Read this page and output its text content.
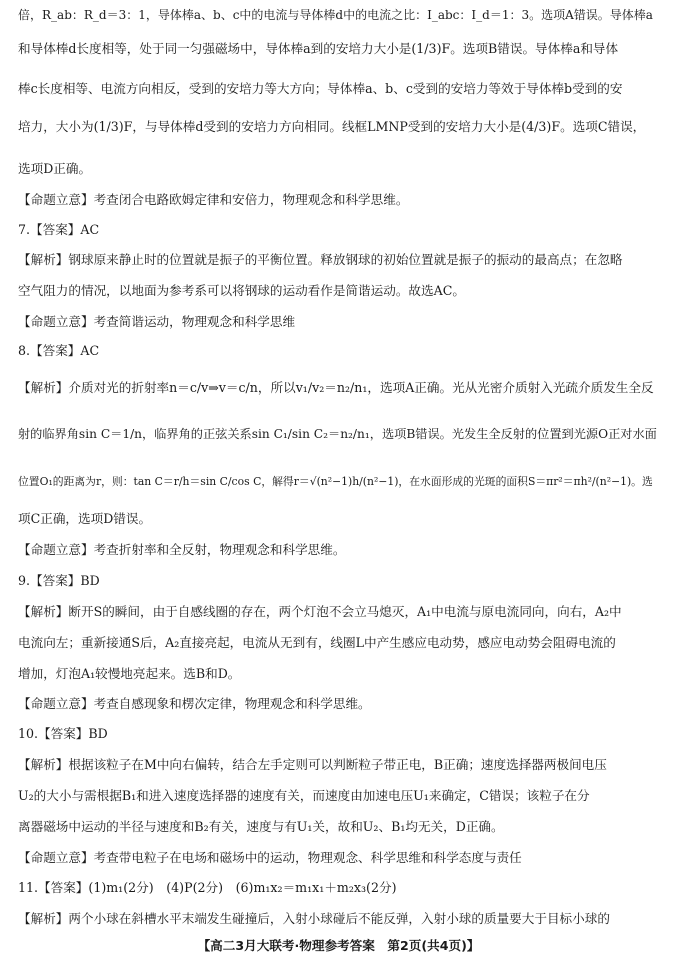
倍，R_ab：R_d＝3：1，导体棒a、b、c中的电流与导体棒d中的电流之比：I_abc：I_d＝1：3。选项A错误。导体棒a
和导体棒d长度相等，处于同一匀强磁场中，导体棒a到的安培力大小是(1/3)F。选项B错误。导体棒a和导体
棒c长度相等、电流方向相反，受到的安培力等大方向；导体棒a、b、c受到的安培力等效于导体棒b受到的安
培力，大小为(1/3)F，与导体棒d受到的安培力方向相同。线框LMNP受到的安培力大小是(4/3)F。选项C错误，
选项D正确。
【命题立意】考查闭合电路欧姆定律和安倍力，物理观念和科学思维。
7.【答案】AC
【解析】钢球原来静止时的位置就是振子的平衡位置。释放钢球的初始位置就是振子的振动的最高点；在忽略
空气阻力的情况，以地面为参考系可以将钢球的运动看作是简谐运动。故选AC。
【命题立意】考查简谐运动，物理观念和科学思维
8.【答案】AC
【解析】介质对光的折射率n＝c/v⇒v＝c/n，所以v₁/v₂＝n₂/n₁，选项A正确。光从光密介质射入光疏介质发生全反
射的临界角sin C＝1/n，临界角的正弦关系sin C₁/sin C₂＝n₂/n₁，选项B错误。光发生全反射的位置到光源O正对水面
位置O₁的距离为r，则：tan C＝r/h＝sin C/cos C，解得r＝√(n²−1)h/(n²−1)，在水面形成的光斑的面积S＝πr²＝πh²/(n²−1)。选
项C正确，选项D错误。
【命题立意】考查折射率和全反射，物理观念和科学思维。
9.【答案】BD
【解析】断开S的瞬间，由于自感线圈的存在，两个灯泡不会立马熄灭，A₁中电流与原电流同向，向右，A₂中
电流向左；重新接通S后，A₂直接亮起，电流从无到有，线圈L中产生感应电动势，感应电动势会阻碍电流的
增加，灯泡A₁较慢地亮起来。选B和D。
【命题立意】考查自感现象和楞次定律，物理观念和科学思维。
10.【答案】BD
【解析】根据该粒子在M中向右偏转，结合左手定则可以判断粒子带正电，B正确；速度选择器两极间电压
U₂的大小与需根据B₁和进入速度选择器的速度有关，而速度由加速电压U₁来确定，C错误；该粒子在分
离器磁场中运动的半径与速度和B₂有关，速度与有U₁关，故和U₂、B₁均无关，D正确。
【命题立意】考查带电粒子在电场和磁场中的运动，物理观念、科学思维和科学态度与责任
11.【答案】(1)m₁(2分)　(4)P(2分)　(6)m₁x₂＝m₁x₁＋m₂x₃(2分)
【解析】两个小球在斜槽水平末端发生碰撞后，入射小球碰后不能反弹，入射小球的质量要大于目标小球的
【高二3月大联考·物理参考答案　第2页(共4页)】
